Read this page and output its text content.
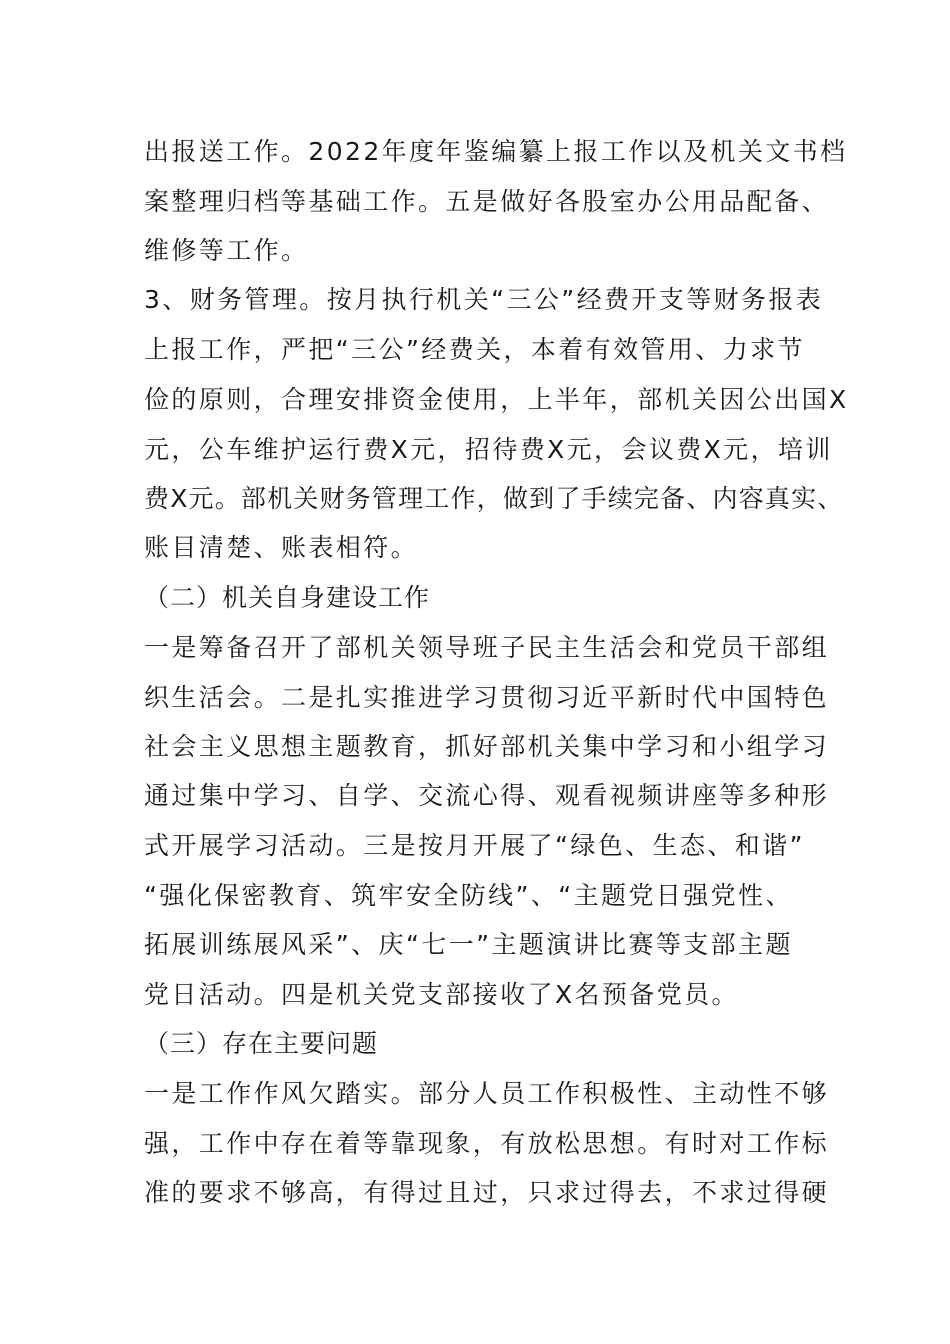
出报送工作。2022年度年鉴编纂上报工作以及机关文书档
案整理归档等基础工作。五是做好各股室办公用品配备、
维修等工作。
3、财务管理。按月执行机关“三公”经费开支等财务报表
上报工作，严把“三公”经费关，本着有效管用、力求节
俭的原则，合理安排资金使用，上半年，部机关因公出国X
元，公车维护运行费X元，招待费X元，会议费X元，培训
费X元。部机关财务管理工作，做到了手续完备、内容真实、
账目清楚、账表相符。
（二）机关自身建设工作
一是筹备召开了部机关领导班子民主生活会和党员干部组
织生活会。二是扎实推进学习贯彻习近平新时代中国特色
社会主义思想主题教育，抓好部机关集中学习和小组学习
通过集中学习、自学、交流心得、观看视频讲座等多种形
式开展学习活动。三是按月开展了“绿色、生态、和谐”
“强化保密教育、筑牢安全防线”、“主题党日强党性、
拓展训练展风采”、庆“七一”主题演讲比赛等支部主题
党日活动。四是机关党支部接收了X名预备党员。
（三）存在主要问题
一是工作作风欠踏实。部分人员工作积极性、主动性不够
强，工作中存在着等靠现象，有放松思想。有时对工作标
准的要求不够高，有得过且过，只求过得去，不求过得硬
